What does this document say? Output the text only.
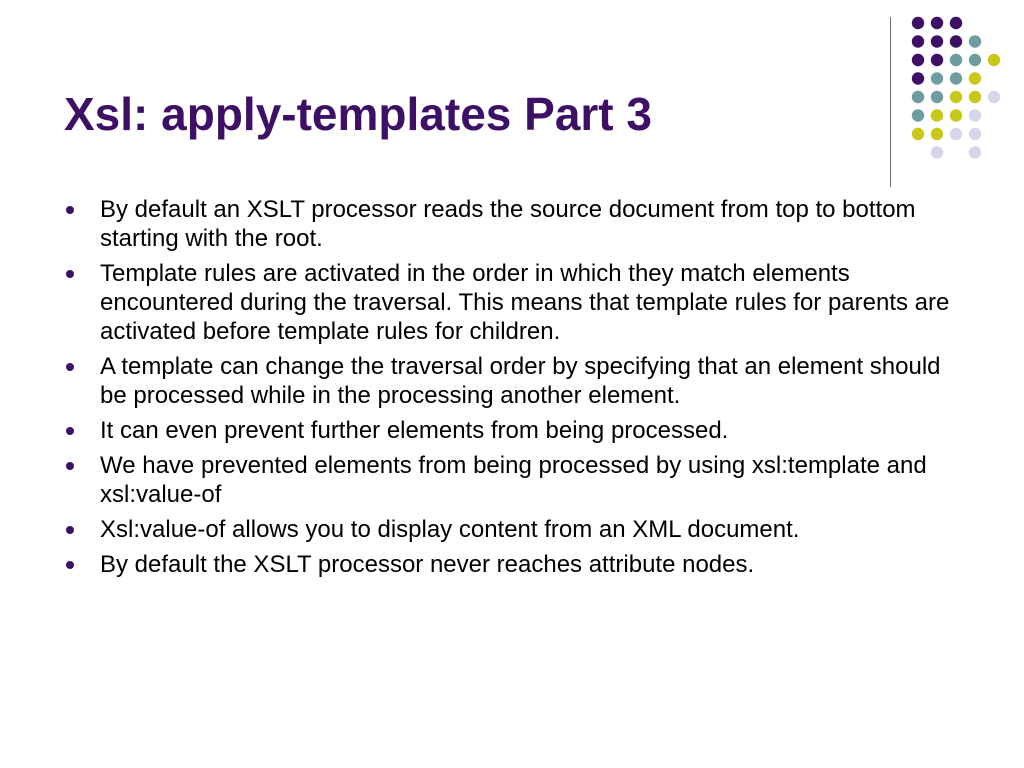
Xsl: apply-templates Part 3
By default an XSLT processor reads the source document from top to bottom starting with the root.
Template rules are activated in the order in which they match elements encountered during the traversal. This means that template rules for parents are activated before template rules for children.
A template can change the traversal order by specifying that an element should be processed while in the processing another element.
It can even prevent further elements from being processed.
We have prevented elements from being processed by using xsl:template and xsl:value-of
Xsl:value-of allows you to display content from an XML document.
By default the XSLT processor never reaches attribute nodes.
